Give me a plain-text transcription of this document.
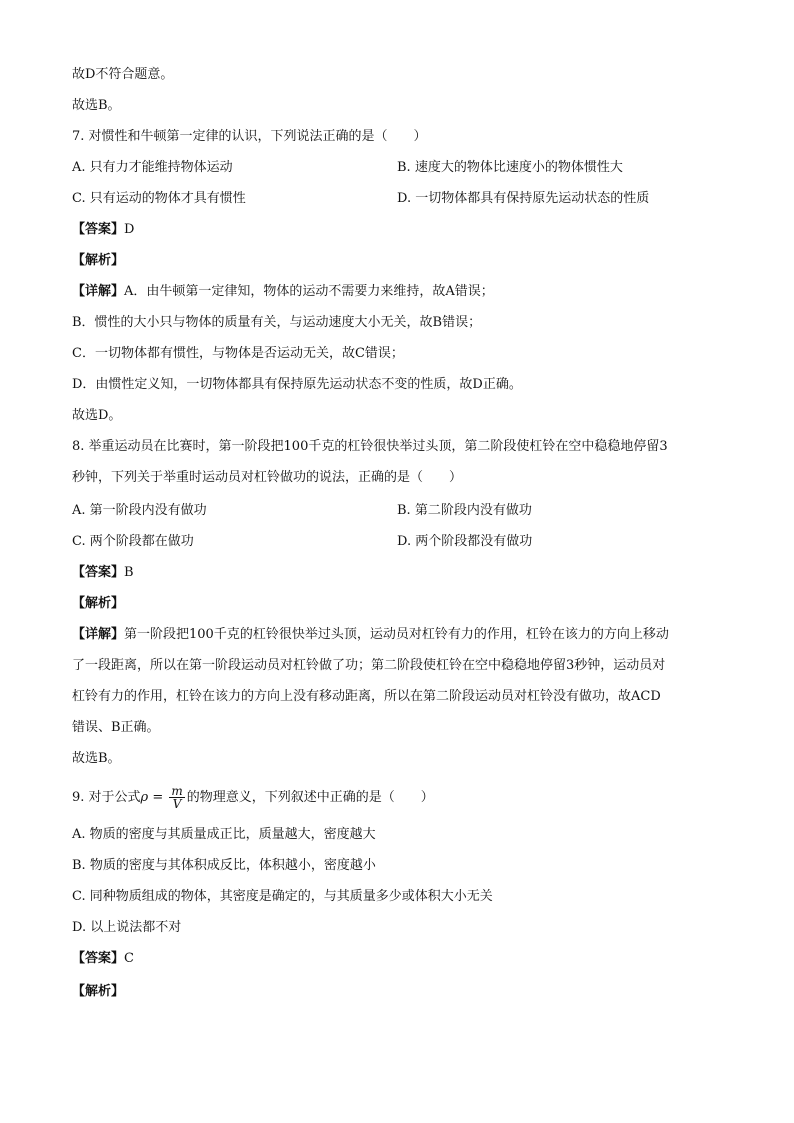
故D不符合题意。
故选B。
7. 对惯性和牛顿第一定律的认识，下列说法正确的是（　　）
A. 只有力才能维持物体运动	B. 速度大的物体比速度小的物体惯性大
C. 只有运动的物体才具有惯性	D. 一切物体都具有保持原先运动状态的性质
【答案】D
【解析】
【详解】A．由牛顿第一定律知，物体的运动不需要力来维持，故A错误；
B．惯性的大小只与物体的质量有关，与运动速度大小无关，故B错误；
C．一切物体都有惯性，与物体是否运动无关，故C错误；
D．由惯性定义知，一切物体都具有保持原先运动状态不变的性质，故D正确。
故选D。
8. 举重运动员在比赛时，第一阶段把100千克的杠铃很快举过头顶，第二阶段使杠铃在空中稳稳地停留3
秒钟，下列关于举重时运动员对杠铃做功的说法，正确的是（　　）
A. 第一阶段内没有做功	B. 第二阶段内没有做功
C. 两个阶段都在做功	D. 两个阶段都没有做功
【答案】B
【解析】
【详解】第一阶段把100千克的杠铃很快举过头顶，运动员对杠铃有力的作用，杠铃在该力的方向上移动
了一段距离，所以在第一阶段运动员对杠铃做了功；第二阶段使杠铃在空中稳稳地停留3秒钟，运动员对
杠铃有力的作用，杠铃在该力的方向上没有移动距离，所以在第二阶段运动员对杠铃没有做功，故ACD
错误、B正确。
故选B。
9. 对于公式$\rho = \frac{m}{V}$ 的物理意义，下列叙述中正确的是（　　）
A. 物质的密度与其质量成正比，质量越大，密度越大
B. 物质的密度与其体积成反比，体积越小，密度越小
C. 同种物质组成的物体，其密度是确定的，与其质量多少或体积大小无关
D. 以上说法都不对
【答案】C
【解析】
